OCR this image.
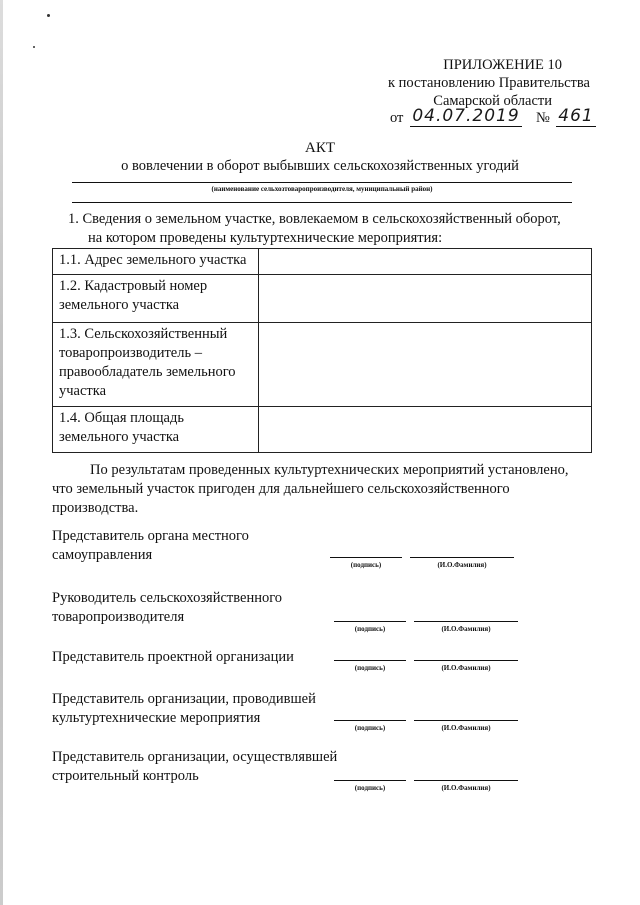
ПРИЛОЖЕНИЕ 10
к постановлению Правительства
Самарской области
от 04.07.2019 № 461
АКТ
о вовлечении в оборот выбывших сельскохозяйственных угодий
(наименование сельхозтоваропроизводителя, муниципальный район)
1. Сведения о земельном участке, вовлекаемом в сельскохозяйственный оборот,
на котором проведены культуртехнические мероприятия:
1.1. Адрес земельного участка	
1.2. Кадастровый номер земельного участка	
1.3. Сельскохозяйственный товаропроизводитель – правообладатель земельного участка	
1.4. Общая площадь земельного участка	
По результатам проведенных культуртехнических мероприятий установлено,
что земельный участок пригоден для дальнейшего сельскохозяйственного
производства.
Представитель органа местного
самоуправления
(подпись)	(И.О.Фамилия)
Руководитель сельскохозяйственного
товаропроизводителя
(подпись)	(И.О.Фамилия)
Представитель проектной организации
(подпись)	(И.О.Фамилия)
Представитель организации, проводившей
культуртехнические мероприятия
(подпись)	(И.О.Фамилия)
Представитель организации, осуществлявшей
строительный контроль
(подпись)	(И.О.Фамилия)
